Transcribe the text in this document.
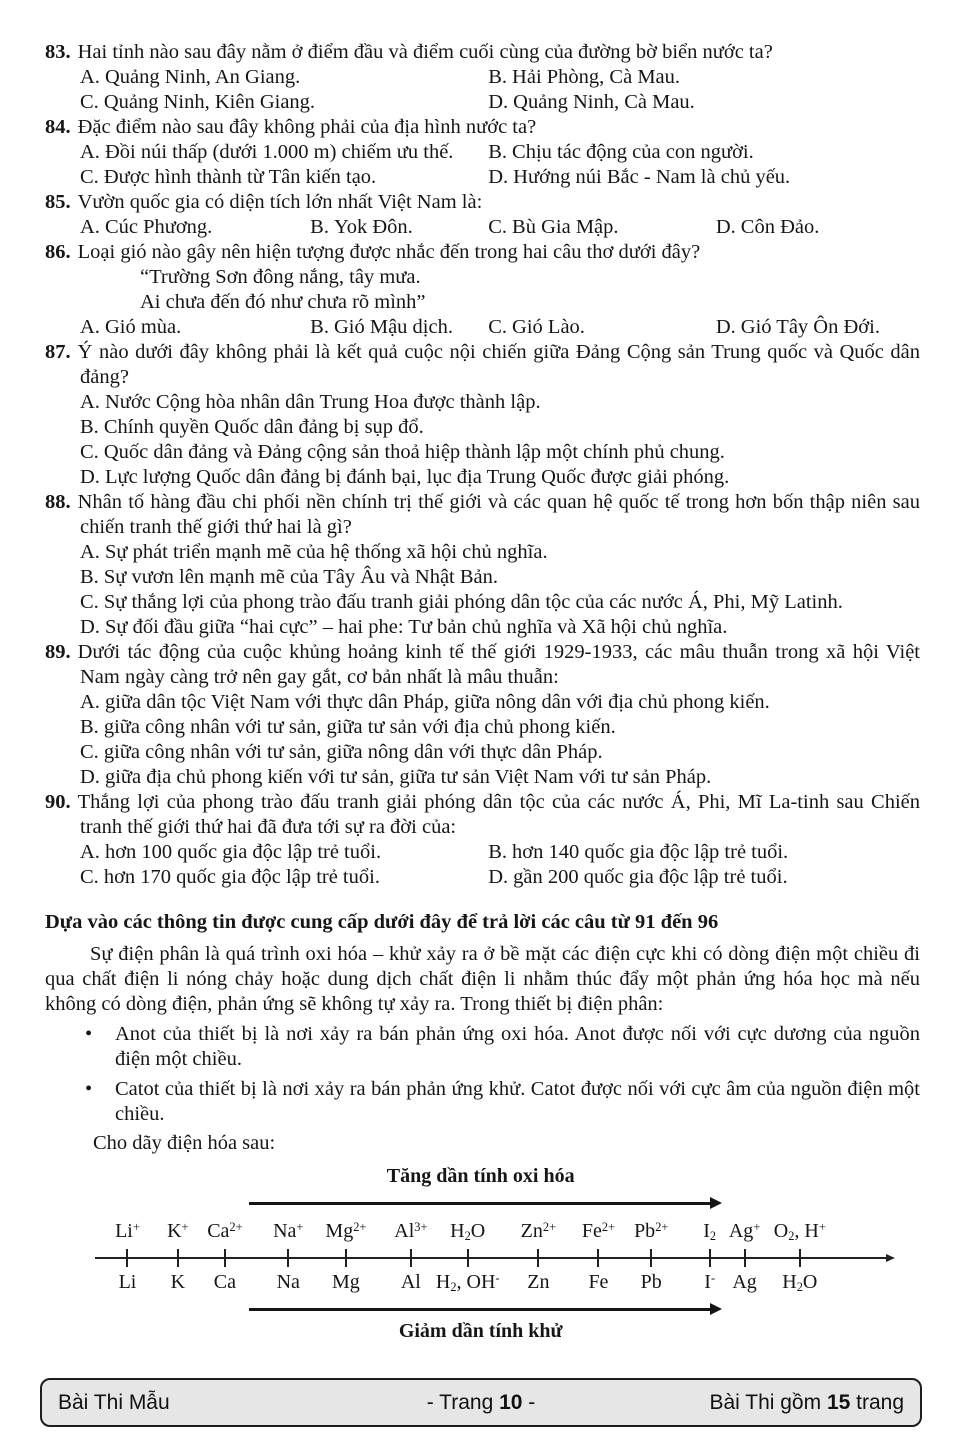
83. Hai tỉnh nào sau đây nằm ở điểm đầu và điểm cuối cùng của đường bờ biển nước ta?
A. Quảng Ninh, An Giang.	B. Hải Phòng, Cà Mau.
C. Quảng Ninh, Kiên Giang.	D. Quảng Ninh, Cà Mau.
84. Đặc điểm nào sau đây không phải của địa hình nước ta?
A. Đồi núi thấp (dưới 1.000 m) chiếm ưu thế.	B. Chịu tác động của con người.
C. Được hình thành từ Tân kiến tạo.	D. Hướng núi Bắc - Nam là chủ yếu.
85. Vườn quốc gia có diện tích lớn nhất Việt Nam là:
A. Cúc Phương.	B. Yok Đôn.	C. Bù Gia Mập.	D. Côn Đảo.
86. Loại gió nào gây nên hiện tượng được nhắc đến trong hai câu thơ dưới đây?
“Trường Sơn đông nắng, tây mưa.
Ai chưa đến đó như chưa rõ mình”
A. Gió mùa.	B. Gió Mậu dịch.	C. Gió Lào.	D. Gió Tây Ôn Đới.
87. Ý nào dưới đây không phải là kết quả cuộc nội chiến giữa Đảng Cộng sản Trung quốc và Quốc dân đảng?
A. Nước Cộng hòa nhân dân Trung Hoa được thành lập.
B. Chính quyền Quốc dân đảng bị sụp đổ.
C. Quốc dân đảng và Đảng cộng sản thoả hiệp thành lập một chính phủ chung.
D. Lực lượng Quốc dân đảng bị đánh bại, lục địa Trung Quốc được giải phóng.
88. Nhân tố hàng đầu chi phối nền chính trị thế giới và các quan hệ quốc tế trong hơn bốn thập niên sau chiến tranh thế giới thứ hai là gì?
A. Sự phát triển mạnh mẽ của hệ thống xã hội chủ nghĩa.
B. Sự vươn lên mạnh mẽ của Tây Âu và Nhật Bản.
C. Sự thắng lợi của phong trào đấu tranh giải phóng dân tộc của các nước Á, Phi, Mỹ Latinh.
D. Sự đối đầu giữa “hai cực” – hai phe: Tư bản chủ nghĩa và Xã hội chủ nghĩa.
89. Dưới tác động của cuộc khủng hoảng kinh tế thế giới 1929-1933, các mâu thuẫn trong xã hội Việt Nam ngày càng trở nên gay gắt, cơ bản nhất là mâu thuẫn:
A. giữa dân tộc Việt Nam với thực dân Pháp, giữa nông dân với địa chủ phong kiến.
B. giữa công nhân với tư sản, giữa tư sản với địa chủ phong kiến.
C. giữa công nhân với tư sản, giữa nông dân với thực dân Pháp.
D. giữa địa chủ phong kiến với tư sản, giữa tư sản Việt Nam với tư sản Pháp.
90. Thắng lợi của phong trào đấu tranh giải phóng dân tộc của các nước Á, Phi, Mĩ La-tinh sau Chiến tranh thế giới thứ hai đã đưa tới sự ra đời của:
A. hơn 100 quốc gia độc lập trẻ tuổi.	B. hơn 140 quốc gia độc lập trẻ tuổi.
C. hơn 170 quốc gia độc lập trẻ tuổi.	D. gần 200 quốc gia độc lập trẻ tuổi.
Dựa vào các thông tin được cung cấp dưới đây để trả lời các câu từ 91 đến 96
Sự điện phân là quá trình oxi hóa – khử xảy ra ở bề mặt các điện cực khi có dòng điện một chiều đi qua chất điện li nóng chảy hoặc dung dịch chất điện li nhằm thúc đẩy một phản ứng hóa học mà nếu không có dòng điện, phản ứng sẽ không tự xảy ra. Trong thiết bị điện phân:
•	Anot của thiết bị là nơi xảy ra bán phản ứng oxi hóa. Anot được nối với cực dương của nguồn điện một chiều.
•	Catot của thiết bị là nơi xảy ra bán phản ứng khử. Catot được nối với cực âm của nguồn điện một chiều.
Cho dãy điện hóa sau:
Tăng dần tính oxi hóa
Li+
Li
K+
K
$Ca^{2+}$
Ca
Na+
Na
$Mg^{2+}$
Mg
$Al^{3+}$
Al
$H_2O$
$H_2$, OH-
$Zn^{2+}$
Zn
$Fe^{2+}$
Fe
$Pb^{2+}$
Pb
$I_2$
I-
Ag+
Ag
$O_2$, H+
$H_2O$
Giảm dần tính khử
Bài Thi Mẫu	- Trang 10 -	Bài Thi gồm 15 trang
